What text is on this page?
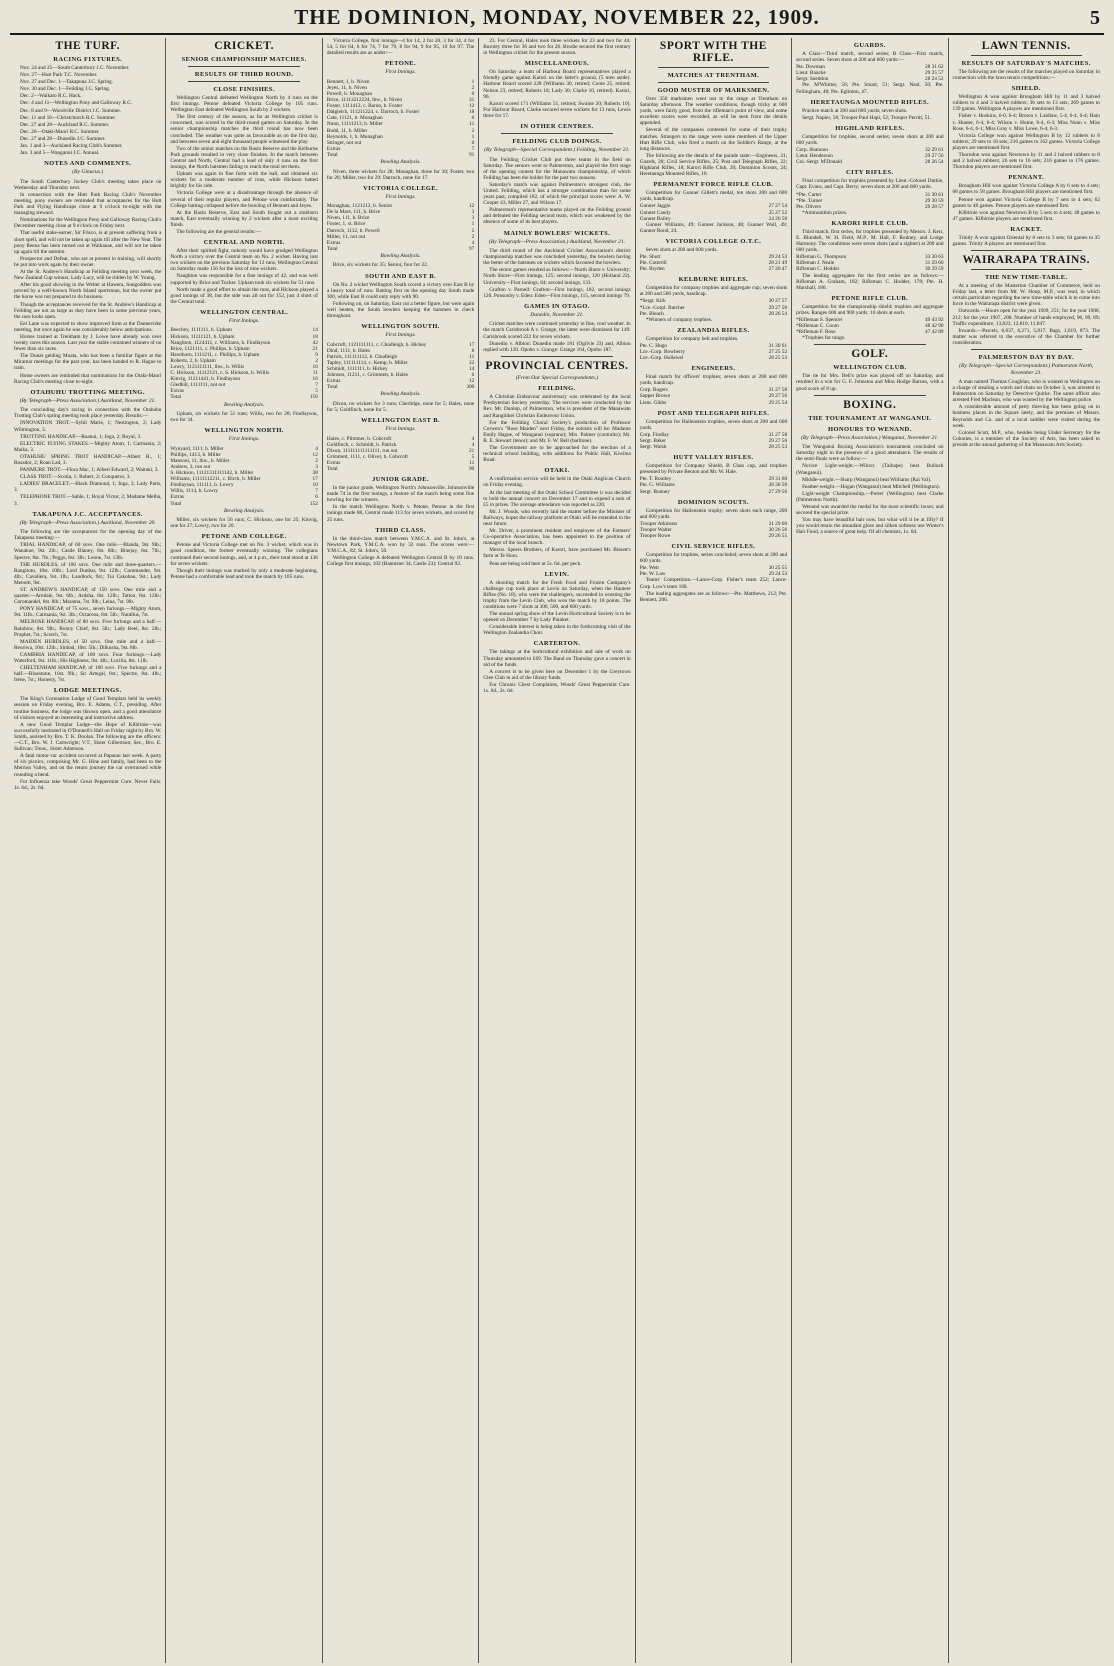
THE DOMINION, MONDAY, NOVEMBER 22, 1909.	5
THE TURF.
RACING FIXTURES.
Nov. 24 and 25—South Canterbury J.C. November.
Nov. 27—Hutt Park T.C. November.
Nov. 27 and Dec. 1—Takapuna J.C. Spring.
Nov. 30 and Dec. 1—Feilding J.C. Spring.
Dec. 2—Waikato R.C. Hack.
Dec. 4 and 11—Wellington Pony and Galloway R.C.
Dec. 8 and 9—Woodville District J.C. Summer.
Dec. 11 and 16—Christchurch R.C. Summer.
Dec. 27 and 28—Auckland R.C. Summer.
Dec. 26—Otaki-Maori R.C. Summer.
Dec. 27 and 28—Dunedin J.C. Summer.
Jan. 1 and 3—Auckland Racing Club's Summer.
Jan. 3 and 5—Wanganui J.C. Annual.
NOTES AND COMMENTS.
(By Glaucus.)
The South Canterbury Jockey Club's meeting takes place on Wednesday and Thursday next.
In connection with the Hutt Park Racing Club's November meeting, pony owners are reminded that acceptances for the Hutt Park and Flying Handicaps close at 9 o'clock to-night with the managing steward.
Nominations for the Wellington Pony and Galloway Racing Club's December meeting close at 9 o'clock on Friday next.
That useful stake-earner, Sir Frisco, is at present suffering from a short spell, and will not be taken up again till after the New Year. The pony Reena has been turned out at Waikanae, and will not be taken up again till the autumn.
Prospector and Defeat, who are at present in training, will shortly be put into work again by their owner.
At the St. Andrew's Handicap at Feilding meeting next week, the New Zealand Cup winner, Lady Lucy, will be ridden by W. Young.
After his good showing in the Welter at Hawera, Sungoddess was proved by a well-known North Island sportsman, but the owner put the horse was not prepared to do business.
Though the acceptances received for the St. Andrew's Handicap at Feilding are not as large as they have been in some previous years, the race looks open.
Eel Lane was expected to show improved form at the Dannevirke meeting, but once again he was considerably below anticipations.
Horses trained at Trentham by J. Lowe have already won over twenty races this season. Last year the stable contained winners of no fewer than six races.
The Dunat gelding Moata, who has been a familiar figure at the Miramar meetings for the past year, has been handed to R. Hague to train.
Horse owners are reminded that nominations for the Otaki-Maori Racing Club's meeting close to-night.
OTAHUHU TROTTING MEETING.
(By Telegraph—Press Association.) Auckland, November 21.
The concluding day's racing in connection with the Otahuhu Trotting Club's spring meeting took place yesterday. Results:—
INNOVATION TROT.—Sybil Marie, 1; Nestington, 2; Lady Wilmington, 3.
TROTTING HANDICAP.—Ruanui, 1; Inga, 2; Royal, 3.
ELECTRIC FLYING STAKES.—Mighty Atom, 1; Carmania, 2; Maika, 3.
OTAHUHU SPRING TROT HANDICAP.—Albert H., 1; Rosador, 2; Roan Lad, 3.
PANMURE TROT.—Flora Mac, 1; Albert Edward, 2; Waitaki, 3.
CLASS TROT.—Scotia, 1; Robert, 2; Conqueror, 3.
LADIES' BRACELET.—Black Diamond, 1; Inga, 2; Lady Paris, 3.
TELEPHONE TROT.—Sable, 1; Royal Victor, 2; Madame Melba, 3.
TAKAPUNA J.C. ACCEPTANCES.
(By Telegraph—Press Association.) Auckland, November 20.
The following are the acceptances for the opening day of the Takapuna meeting:—
TRIAL HANDICAP, of 60 sovs. One mile.—Blanda, 9st. 9lb.; Wanahoe, 9st. 2lb.; Castle Blaney, 8st. 8lb.; Bluejay, 8st. 7lb.; Spectre, 8st. 7lb.; Peggo, 8st. 3lb.; Leone, 7st. 13lb.
THE HURDLES, of 100 sovs. One mile and three-quarters.—Rangitoto, 10st. 10lb.; Lord Dunbar, 9st. 12lb.; Commander, 9st. 4lb.; Cavaliera, 9st. 1lb.; Landlock, 9st.; Tui Cakobau, 9st.; Lady Menotti, 9st.
ST. ANDREW'S HANDICAP, of 150 sovs. One mile and a quarter.—Arndale, 9st. 6lb.; Ardsha, 8st. 12lb.; Tattoo, 8st. 12lb.; Coromandel, 8st. 8lb.; Marama, 7st. 9lb.; Leina, 7st. 9lb.
PONY HANDICAP, of 75 sovs., seven furlongs.—Mighty Atom, 9st. 11lb.; Carmania, 9st. 3lb.; Octarooa, 8st. 5lb.; Nautilus, 7st.
MELROSE HANDICAP, of 80 sovs. Five furlongs and a half.—Rainbow, 8st. 9lb.; Bonny Chief, 8st. 5lb.; Lady Reel, 8st. 2lb.; Prophet, 7st.; Scotch, 7st.
MAIDEN HURDLES, of 50 sovs. One mile and a half.—Reoriwa, 10st. 12lb.; Sinbad, 10st. 5lb.; Dilkusha, 9st. 8lb.
CAMBRIA HANDICAP, of 100 sovs. Four furlongs.—Lady Waterford, 9st. 11lb.; His Highness, 9st. 4lb.; Lucilla, 8st. 11lb.
CHELTENHAM HANDICAP, of 100 sovs. Five furlongs and a half.—Bluestone, 10st. 9lb.; Sir Artegal, 8st.; Spectre, 8st. 4lb.; Irene, 7st.; Honesty, 7st.
LODGE MEETINGS.
The King's Coronation Lodge of Good Templars held its weekly session on Friday evening, Bro. E. Adams, C.T., presiding. After routine business, the lodge was thrown open, and a good attendance of visitors enjoyed an interesting and instructive address.
A new Good Templar Lodge—the Hope of Kilbirnie—was successfully instituted in O'Donnell's Hall on Friday night by Bro. W. Smith, assisted by Bro. T. K. Doolan. The following are the officers:—C.T., Bro. W. J. Cartwright; V.T., Sister Gilbertson; Sec., Bro. E. Sullivan; Treas., Sister Adamson.
A fatal motor-car accident occurred at Papanui last week. A party of six picnics, comprising Mr. G. Hine and family, had been to the Meirion Valley, and on the return journey the car overturned while rounding a bend.
For Influenza take Woods' Great Peppermint Cure. Never Fails. 1s. 6d., 2s. 6d.
CRICKET.
SENIOR CHAMPIONSHIP MATCHES.
RESULTS OF THIRD ROUND.
CLOSE FINISHES.
Wellington Central defeated Wellington North by 4 runs on the first innings. Petone defeated Victoria College by 105 runs. Wellington East defeated Wellington South by 2 wickets.
The first century of the season, as far as Wellington cricket is concerned, was scored in the third-round games on Saturday. In the senior championship matches the third round has now been concluded. The weather was quite as favourable as on the first day, and between seven and eight thousand people witnessed the play.
Two of the senior matches on the Basin Reserve and the Kelburne Park grounds resulted in very close finishes. In the match between Central and North, Central had a lead of only 4 runs on the first innings, the North batsmen failing to reach the total set them.
Upham was again in fine form with the ball, and obtained six wickets for a moderate number of runs, while Hickson batted brightly for his side.
Victoria College were at a disadvantage through the absence of several of their regular players, and Petone won comfortably. The College batting collapsed before the bowling of Bennett and Jeyes.
At the Basin Reserve, East and South fought out a stubborn match, East eventually winning by 2 wickets after a most exciting finish.
The following are the general results:—
CENTRAL AND NORTH.
After their spirited fight, nobody would have grudged Wellington North a victory over the Central team on No. 2 wicket. Having lost two wickets on the previous Saturday for 12 runs, Wellington Central on Saturday made 156 for the loss of nine wickets.
Naughton was responsible for a fine innings of 42, and was well supported by Brice and Tucker. Upham took six wickets for 51 runs.
North made a good effort to obtain the runs, and Hickson played a good innings of 38, but the side was all out for 152, just 4 short of the Central total.
WELLINGTON CENTRAL.
First Innings.
Beechey, 1111111, b. Upham	14
Hickson, 11111121, b. Upham	18
Naughton, 1124411, c. Williams, b. Findlayson	42
Brice, 1121111, c. Phillips, b. Upham	21
Hawthorn, 1111211, c. Phillips, b. Upham	9
Roberts, 2, b. Upham	2
Lowry, 1121111111, lbw., b. Willis	16
C. Hickson, 11112121, c. S. Hickson, b. Willis	11
Kinvig, 11211441, b. Findlayson	16
Gledhill, 1111111, not out	7
Extras	5
Total	156
Bowling Analysis.
Upham, six wickets for 51 runs; Willis, two for 28; Findlayson, two for 34.
WELLINGTON NORTH.
First Innings.
Wynyard, 1111, b. Miller	4
Phillips, 1413, b. Miller	12
Mansoni, 11, lbw., b. Miller	2
Andrew, 3, run out	3
S. Hickson, 11121311111142, b. Miller	38
Williams, 11111112211, c. Birch, b. Miller	17
Findlayson, 111111, b. Lowry	10
Willis, 1114, b. Lowry	7
Extras	6
Total	152
Bowling Analysis.
Miller, six wickets for 56 runs; C. Hickson, one for 25; Kinvig, one for 27; Lowry, two for 20.
PETONE AND COLLEGE.
Petone and Victoria College met on No. 3 wicket, which was in good condition, the former eventually winning. The collegians continued their second innings, and, at 4 p.m., their total stood at 136 for seven wickets.
Though their innings was marked by only a moderate beginning, Petone had a comfortable lead and took the match by 105 runs.
Victoria College, first innings—4 for 14, 2 for 20, 3 for 34, 4 for 54, 5 for 64, 6 for 74, 7 for 79, 8 for 94, 9 for 95, 10 for 97. The detailed results are as under:—
PETONE.
First Innings.
Bennett, 1, b. Niven	1
Jeyes, 11, b. Niven	2
Powell, b. Monaghan	0
Brice, 11113212224, lbw., b. Niven	31
Foster, 1111412, c. Baron, b. Foster	12
Dalgleish, 111211224, c. Darroch, b. Foster	18
Cate, 11121, b. Monaghan	6
Nunn, 11111213, b. Miller	11
Budd, 11, b. Miller	2
Reynolds, 1, b. Monaghan	1
Stringer, not out	0
Extras	7
Total	91
Bowling Analysis.
Niven, three wickets for 28; Monaghan, three for 30; Foster, two for 26; Miller, two for 29; Darroch, none for 17.
VICTORIA COLLEGE.
First Innings.
Monaghan, 1121212, b. Senior	12
De la Mare, 111, b. Brice	3
Niven, 111, b. Brice	3
Foster, 1, st. Brice	1
Darroch, 1112, b. Powell	5
Miller, 11, not out	2
Extras	4
Total	97
Bowling Analysis.
Brice, six wickets for 35; Senior, four for 22.
SOUTH AND EAST B.
On No. 2 wicket Wellington South scored a victory over East B by a heavy total of runs. Batting first on the opening day South made 300, while East B could only reply with 90.
Following on, on Saturday, East cut a better figure, but were again well beaten, the South bowlers keeping the batsmen in check throughout.
WELLINGTON SOUTH.
First Innings.
Cobcroft, 1121111111, c. Chudleigh, b. Hickey	17
Dind, 1111, b. Hales	8
Patrick, 111111112, b. Chudleigh	11
Tapley, 111111114, c. Kemp, b. Miller	22
Schmidt, 1111111, b. Hickey	14
Johnson, 11211, c. Grimmett, b. Hales	6
Extras	12
Total	300
Bowling Analysis.
Dixon, no wickets for 3 runs; Cherlidge, none for 5; Hales, none for 5; Goldfinch, none for 5.
WELLINGTON EAST B.
First Innings.
Hales, c. Plimmer, b. Cobcroft	4
Goldfinch, c. Schmidt, b. Patrick	4
Dixon, 111111111111111, run out	21
Grimmett, 1111, c. Oliver, b. Cobcroft	5
Extras	11
Total	90
JUNIOR GRADE.
In the junior grade, Wellington North's Johnsonville, Johnsonville made 74 in the first innings, a feature of the match being some fine bowling for the winners.
In the match Wellington North v. Petone, Petone in the first innings made 88, Central made 113 for seven wickets, and scored by 25 runs.
THIRD CLASS.
In the third-class match between Y.M.C.A. and St. John's, at Newtown Park, Y.M.C.A. won by 32 runs. The scores were:—Y.M.C.A., 82; St. John's, 50.
Wellington College A defeated Wellington Central B by 10 runs. College first innings, 102 (Bannister 34, Castle 23); Central 92.
23. For Central, Hales took three wickets for 23 and two for 44. Burnley three for 36 and two for 26. Brodie secured the first century in Wellington cricket for the present season.
MISCELLANEOUS.
On Saturday a team of Harbour Board representatives played a friendly game against Karori on the latter's ground, (5 men aside). Harbour Board scored 228 (Williams 30, retired; Coote 25, retired; Nelson 23, retired; Roberts 18; Lady 30; Clarke 10, retired). Karori, 96.
Karori scored 171 (Williams 51, retired; Swaine 20; Roberts 10). For Harbour Board, Clarke secured seven wickets for 13 runs, Lewis three for 17.
IN OTHER CENTRES.
FEILDING CLUB DOINGS.
(By Telegraph—Special Correspondent.) Feilding, November 21.
The Feilding Cricket Club put three teams in the field on Saturday. The seniors went to Palmerston, and played the first stage of the opening contest for the Manawatu championship, of which Feilding has been the holder for the past two seasons.
Saturday's match was against Palmerston's strongest club, the United. Feilding, which has a stronger combination than for some years past, compiled 182, of which the principal scores were: A. W. Cooper 43, Miller 27, and Wilson 17.
Palmerston's representative teams played on the Feilding ground and defeated the Feilding second team, which was weakened by the absence of some of its best players.
MAINLY BOWLERS' WICKETS.
(By Telegraph—Press Association.) Auckland, November 21.
The third round of the Auckland Cricket Association's district championship matches was concluded yesterday, the bowlers having the better of the batsmen on wickets which favoured the bowlers.
The senior games resulted as follows:—North Shore v. University; North Shore—First innings, 125; second innings, 120 (Holland 22). University—First innings, 84; second innings, 133.
Grafton v. Parnell: Grafton—First innings, 182, second innings 120. Ponsonby v. Eden: Eden—First innings, 115, second innings 79.
GAMES IN OTAGO.
Dunedin, November 21.
Cricket matches were continued yesterday in fine, cool weather. In the match Carisbrook A v. Grange, the latter were dismissed for 149. Carisbrook scored 222 for seven wickets.
Dunedin v. Albion: Dunedin made 181 (Ogilvie 23) and, Albion replied with 120. Opoho v. Grange: Grange 164, Opoho 187.
PROVINCIAL CENTRES.
(From Our Special Correspondents.)
FEILDING.
A Christian Endeavour anniversary was celebrated by the local Presbyterian Society yesterday. The services were conducted by the Rev. Mr. Dunlop, of Palmerston, who is president of the Manawatu and Rangitikei Christian Endeavour Union.
For the Feilding Choral Society's production of Professor Corwen's "Rose Maiden" next Friday, the soloists will be: Madame Emily Hague, of Wanganui (soprano); Mrs. Palmer (contralto); Mr. R. E. Stewart (tenor); and Mr. F. W. Bell (baritone).
The Government are to be approached for the erection of a technical school building, with additions for Public Hall, Kiwitea Road.
OTAKI.
A confirmation service will be held in the Otaki Anglican Church on Friday evening.
At the last meeting of the Otaki School Committee it was decided to hold the annual concert on December 17 and to expend a sum of £5 in prizes. The average attendance was reported as 220.
Mr. J. Woods, who recently laid the matter before the Minister of Railways, hopes the railway platform at Otaki will be extended in the near future.
Mr. Driver, a prominent resident and employee of the Farmers' Co-operative Association, has been appointed to the position of manager of the local branch.
Messrs. Speers Brothers, of Karori, have purchased Mr. Bissett's farm at Te Horo.
Peas are being sold here at 5s. 6d. per peck.
LEVIN.
A shooting match for the Fresh Food and Frozen Company's challenge cup took place at Levin on Saturday, when the Hautere Rifles (No. 18), who were the challengers, succeeded in wresting the trophy from the Levin Club, who won the match by 18 points. The conditions were 7 shots at 300, 500, and 600 yards.
The annual spring show of the Levin Horticultural Society is to be opened on December 7 by Lady Plunket.
Considerable interest is being taken in the forthcoming visit of the Wellington Zealandia Choir.
CARTERTON.
The takings at the horticultural exhibition and sale of work on Thursday amounted to £69. The Band on Thursday gave a concert in aid of the funds.
A concert is to be given here on December 1 by the Greytown Glee Club in aid of the library funds.
For Chronic Chest Complaints, Woods' Great Peppermint Cure. 1s. 6d., 2s. 6d.
SPORT WITH THE RIFLE.
MATCHES AT TRENTHAM.
GOOD MUSTER OF MARKSMEN.
Over 350 marksmen went out to the range at Trentham on Saturday afternoon. The weather conditions, though tricky at 600 yards, were fairly good, from the rifleman's point of view, and some excellent scores were recorded, as will be seen from the details appended.
Several of the companies contested for some of their trophy matches. Strangers to the range were some members of the Upper Hutt Rifle Club, who fired a match on the Soldier's Range, at the long distances.
The following are the details of the parade state:—Engineers, 21; Guards, 20; Civil Service Rifles, 25; Post and Telegraph Rifles, 22; Highland Rifles, 18; Karori Rifle Club, 20; Dominion Scouts, 24; Heretaunga Mounted Rifles, 16.
PERMANENT FORCE RIFLE CLUB.
Competition for Gunner Gillett's medal, ten shots 200 and 600 yards, handicap.
Gunner Jaggie	27 27 54
Gunner Candy	25 27 52
Gunner Bailey	24 26 50
Gunner Williams, 49; Gunner Jackson, 48; Gunner Wall, 49; Gunner Bond, 24.
VICTORIA COLLEGE O.T.C.
Seven shots at 200 and 600 yards.
Pte. Short	29 24 53
Pte. Cotterill	28 21 49
Pte. Bryden	27 20 47
KELBURNE RIFLES.
Competition for company trophies and aggregate cup; seven shots at 200 and 500 yards, handicap.
*Sergt. Kirk	30 27 57
*Lce.-Corpl. Butcher	29 27 56
Pte. Bleach	28 26 54
*Winners of company trophies.
ZEALANDIA RIFLES.
Competition for company belt and trophies.
Pte. C. Hugo	31 30 61
Lce.-Corp. Bowberry	27 25 52
Lce.-Corp. Hollewel	28 25 53
ENGINEERS.
Final match for officers' trophies; seven shots at 200 and 600 yards, handicap.
Corp. Rogers	31 27 58
Sapper Brown	29 27 56
Lieut. Gibbs	29 25 54
POST AND TELEGRAPH RIFLES.
Competition for Hallenstein trophies, seven shots at 200 and 600 yards.
Corp. Findlay	31 27 58
Sergt. Baker	29 27 56
Sergt. Walsh	28 25 53
HUTT VALLEY RIFLES.
Competition for Company Shield, B Class cup, and trophies presented by Private Benton and Mr. W. Hale.
Pte. T. Routley	29 31 60
Pte. G. Williams	28 30 58
Sergt. Bunney	27 29 56
DOMINION SCOUTS.
Competition for Hallenstein trophy; seven shots each range, 200 and 600 yards.
Trooper Atkinson	31 29 60
Trooper Walter	30 26 56
Trooper Rowe	29 26 55
CIVIL SERVICE RIFLES.
Competition for trophies, series concluded; seven shots at 200 and 600 yards.
Pte. Weir	30 25 55
Pte. W. Law	29 24 53
Teams' Competition.—Lance-Corp. Fisher's team 252; Lance-Corp. Low's team 168.
The leading aggregates are as follows:—Pte. Matthews, 212; Pte. Bennett, 206.
GUARDS.
A Class—Third match, second series; B Class—First match, second series. Seven shots at 200 and 600 yards:—
Pte. Dowman	28 31 62
Lieut. Baucke	29 25 57
Sergt. Sneddon	28 24 52
Pte. M'Whirter, 56; Pte. Smart, 51; Sergt. Neal, 50; Pte. Fellingham, 48; Pte. Eglinton, 47.
HERETAUNGA MOUNTED RIFLES.
Practice match at 200 and 600 yards; seven shots.
Sergt. Napier, 58; Trooper Paul Hapi, 52; Trooper Perritt, 51.
HIGHLAND RIFLES.
Competition for trophies, second series; seven shots at 200 and 600 yards.
Corp. Shannon	32 29 61
Lieut. Henderson	29 27 56
Col.-Sergt. M'Donald	28 26 54
CITY RIFLES.
Final competition for trophies presented by Lieut.-Colonel Duthie, Capt. Evans, and Capt. Berry; seven shots at 200 and 600 yards.
*Pte. Carter	31 30 61
*Pte. Turner	29 30 59
Pte. Olivers	29 28 57
*Ammunition prizes.
KARORI RIFLE CLUB.
Third match, first series, for trophies presented by Messrs. J. Kerr, E. Blundell, W. H. Field, M.P., M. Hall, F. Rodney, and Lodge Harmony. The conditions were seven shots (and a sighter) at 200 and 600 yards.
Rifleman G. Thompson	33 30 63
Rifleman J. Neale	31 29 60
Rifleman C. Hodder	30 29 59
The leading aggregates for the first series are as follows:—Rifleman A. Graham, 182; Rifleman C. Hodder, 178; Pte. H. Marshall, 180.
PETONE RIFLE CLUB.
Competition for the championship shield; trophies and aggregate prizes. Ranges 600 and 900 yards; 10 shots at each.
*Rifleman S. Spencer	49 43 92
*Rifleman C. Coom	48 42 90
*Rifleman F. Rose	47 42 89
*Trophies for range.
GOLF.
WELLINGTON CLUB.
The tie for Mrs. Bell's prize was played off on Saturday, and resulted in a win for G. F. Johnston and Miss Hodge Barnes, with a good score of 8 up.
BOXING.
THE TOURNAMENT AT WANGANUI.
HONOURS TO WENAND.
(By Telegraph—Press Association.) Wanganui, November 21.
The Wanganui Boxing Association's tournament concluded on Saturday night in the presence of a good attendance. The results of the semi-finals were as follow:—
Novice Light-weight.—Wilcox (Taihape) beat Bullock (Wanganui).
Middle-weight.—Sharp (Wanganui) beat Williams (Rai Val).
Feather-weight.—Hogan (Wanganui) beat Mitchell (Wellington).
Light-weight Championship.—Porter (Wellington) beat Clarke (Palmerston North).
Wenand was awarded the medal for the most scientific boxer, and secured the special prize.
You may have beautiful hair now, but what will it be at fifty? If you would retain the abundant gloss and silken softness use Winter's Hair Food, a source of great help. Of all chemists, 1s. 6d.
LAWN TENNIS.
RESULTS OF SATURDAY'S MATCHES.
The following are the results of the matches played on Saturday in connection with the lawn tennis competitions:—
SHIELD.
Wellington A won against Brougham Hill by 11 and 3 halved rubbers to 4 and 3 halved rubbers; 36 sets to 13 sets; 269 games to 139 games. Wellington A players are mentioned first.
Fisher v. Hoskins, 6-0, 6-4; Brown v. Laidlaw, 5-4, 6-4, 6-4; Hain v. Hunter, 6-4, 6-4; Wilson v. Hume, 6-4, 6-3; Miss Nunn v. Miss Rose, 6-4, 6-1; Miss Gray v. Miss Lowe, 6-4, 6-3.
Victoria College won against Wellington B by 12 rubbers to 8 rubbers; 29 sets to 18 sets; 216 games to 162 games. Victoria College players are mentioned first.
Thorndon won against Newtown by 11 and 2 halved rubbers to 8 and 2 halved rubbers; 26 sets to 16 sets; 216 games to 176 games. Thorndon players are mentioned first.
PENNANT.
Brougham Hill won against Victoria College A by 6 sets to 4 sets; 68 games to 58 games. Brougham Hill players are mentioned first.
Petone won against Victoria College B by 7 sets to 4 sets; 62 games to 48 games. Petone players are mentioned first.
Kilbirnie won against Newtown B by 5 sets to 4 sets; 48 games to 47 games. Kilbirnie players are mentioned first.
RACKET.
Trinity A won against Oriental by 6 sets to 3 sets; 64 games to 35 games. Trinity A players are mentioned first.
WAIRARAPA TRAINS.
THE NEW TIME-TABLE.
At a meeting of the Masterton Chamber of Commerce, held on Friday last, a letter from Mr. W. Hoop, M.P., was read, in which certain particulars regarding the new time-table which is to come into force in the Wairarapa district were given.
Outwards.—Hours open for the year 1909, 251; for the year 1908, 212; for the year 1907, 208. Number of hands employed, 96, 89, 89; Traffic expenditure, 13,823, 12,810, 11,847.
Inwards.—Parcels, 6,637, 6,271, 5,817. Bags, 1,019, 873. The matter was referred to the executive of the Chamber for further consideration.
PALMERSTON DAY BY DAY.
(By Telegraph—Special Correspondent.) Palmerston North, November 21.
A man named Thomas Coughlan, who is wanted in Wellington on a charge of stealing a watch and chain on October 3, was arrested in Palmerston on Saturday by Detective Quirke. The same officer also arrested Fred Maclean, who was wanted by the Wellington police.
A considerable amount of petty thieving has been going on in business places in the Square lately, and the premises of Messrs. Reynolds and Co. and of a local saddler were visited during the week.
Colonel Scott, M.P., who, besides being Under Secretary for the Colonies, is a member of the Society of Arts, has been asked to preside at the annual gathering of the Manawatu Arts Society.
